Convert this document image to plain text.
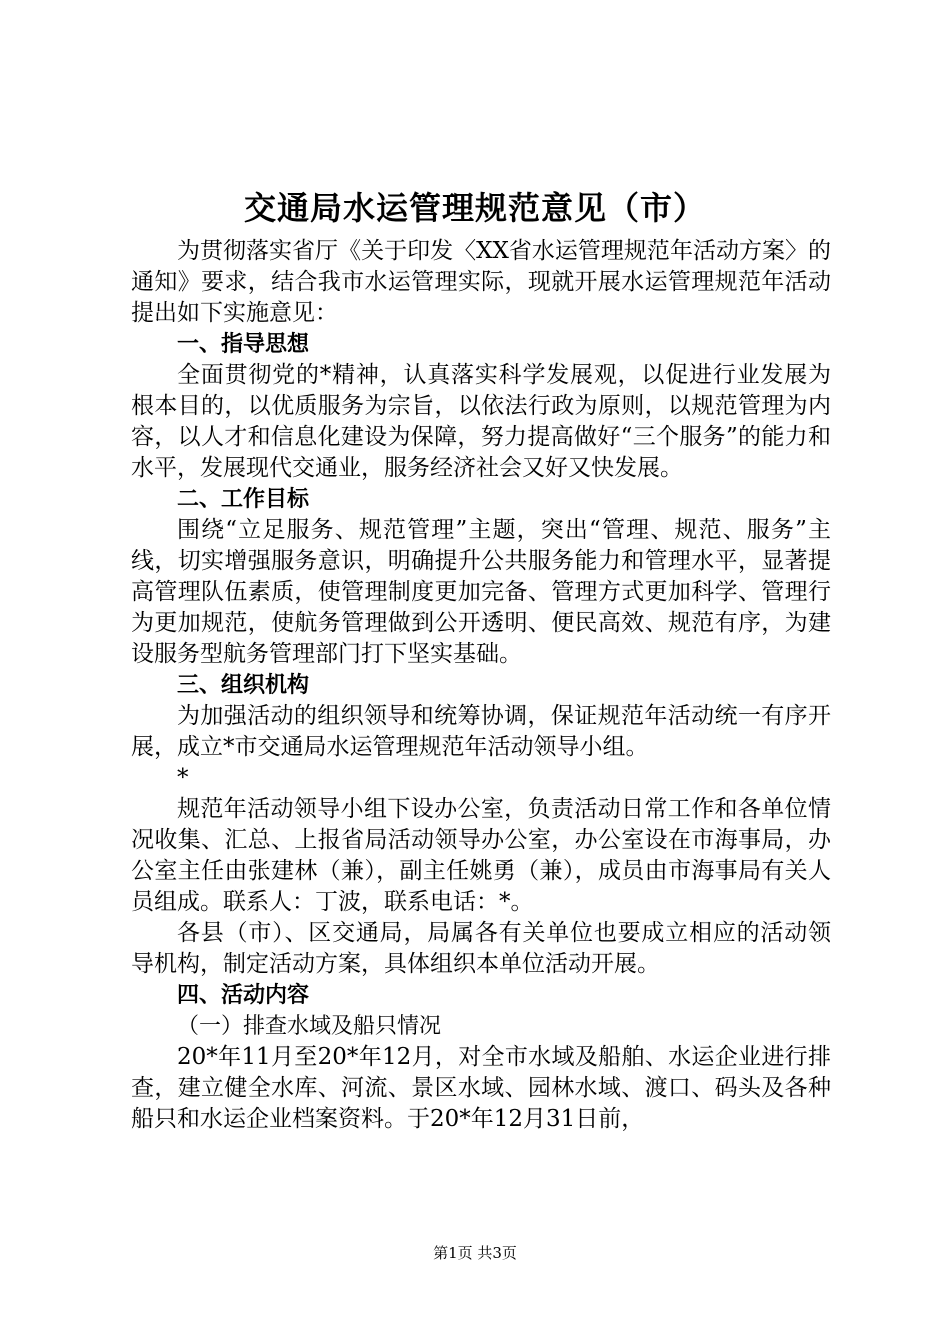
交通局水运管理规范意见（市）

为贯彻落实省厅《关于印发〈XX省水运管理规范年活动方案〉的通知》要求，结合我市水运管理实际，现就开展水运管理规范年活动提出如下实施意见：

一、指导思想

全面贯彻党的*精神，认真落实科学发展观，以促进行业发展为根本目的，以优质服务为宗旨，以依法行政为原则，以规范管理为内容，以人才和信息化建设为保障，努力提高做好“三个服务”的能力和水平，发展现代交通业，服务经济社会又好又快发展。

二、工作目标

围绕“立足服务、规范管理”主题，突出“管理、规范、服务”主线，切实增强服务意识，明确提升公共服务能力和管理水平，显著提高管理队伍素质，使管理制度更加完备、管理方式更加科学、管理行为更加规范，使航务管理做到公开透明、便民高效、规范有序，为建设服务型航务管理部门打下坚实基础。

三、组织机构

为加强活动的组织领导和统筹协调，保证规范年活动统一有序开展，成立*市交通局水运管理规范年活动领导小组。

*

规范年活动领导小组下设办公室，负责活动日常工作和各单位情况收集、汇总、上报省局活动领导办公室，办公室设在市海事局，办公室主任由张建林（兼），副主任姚勇（兼），成员由市海事局有关人员组成。联系人：丁波，联系电话：*。

各县（市）、区交通局，局属各有关单位也要成立相应的活动领导机构，制定活动方案，具体组织本单位活动开展。

四、活动内容

（一）排查水域及船只情况

20*年11月至20*年12月，对全市水域及船舶、水运企业进行排查，建立健全水库、河流、景区水域、园林水域、渡口、码头及各种船只和水运企业档案资料。于20*年12月31日前，

第1页 共3页
